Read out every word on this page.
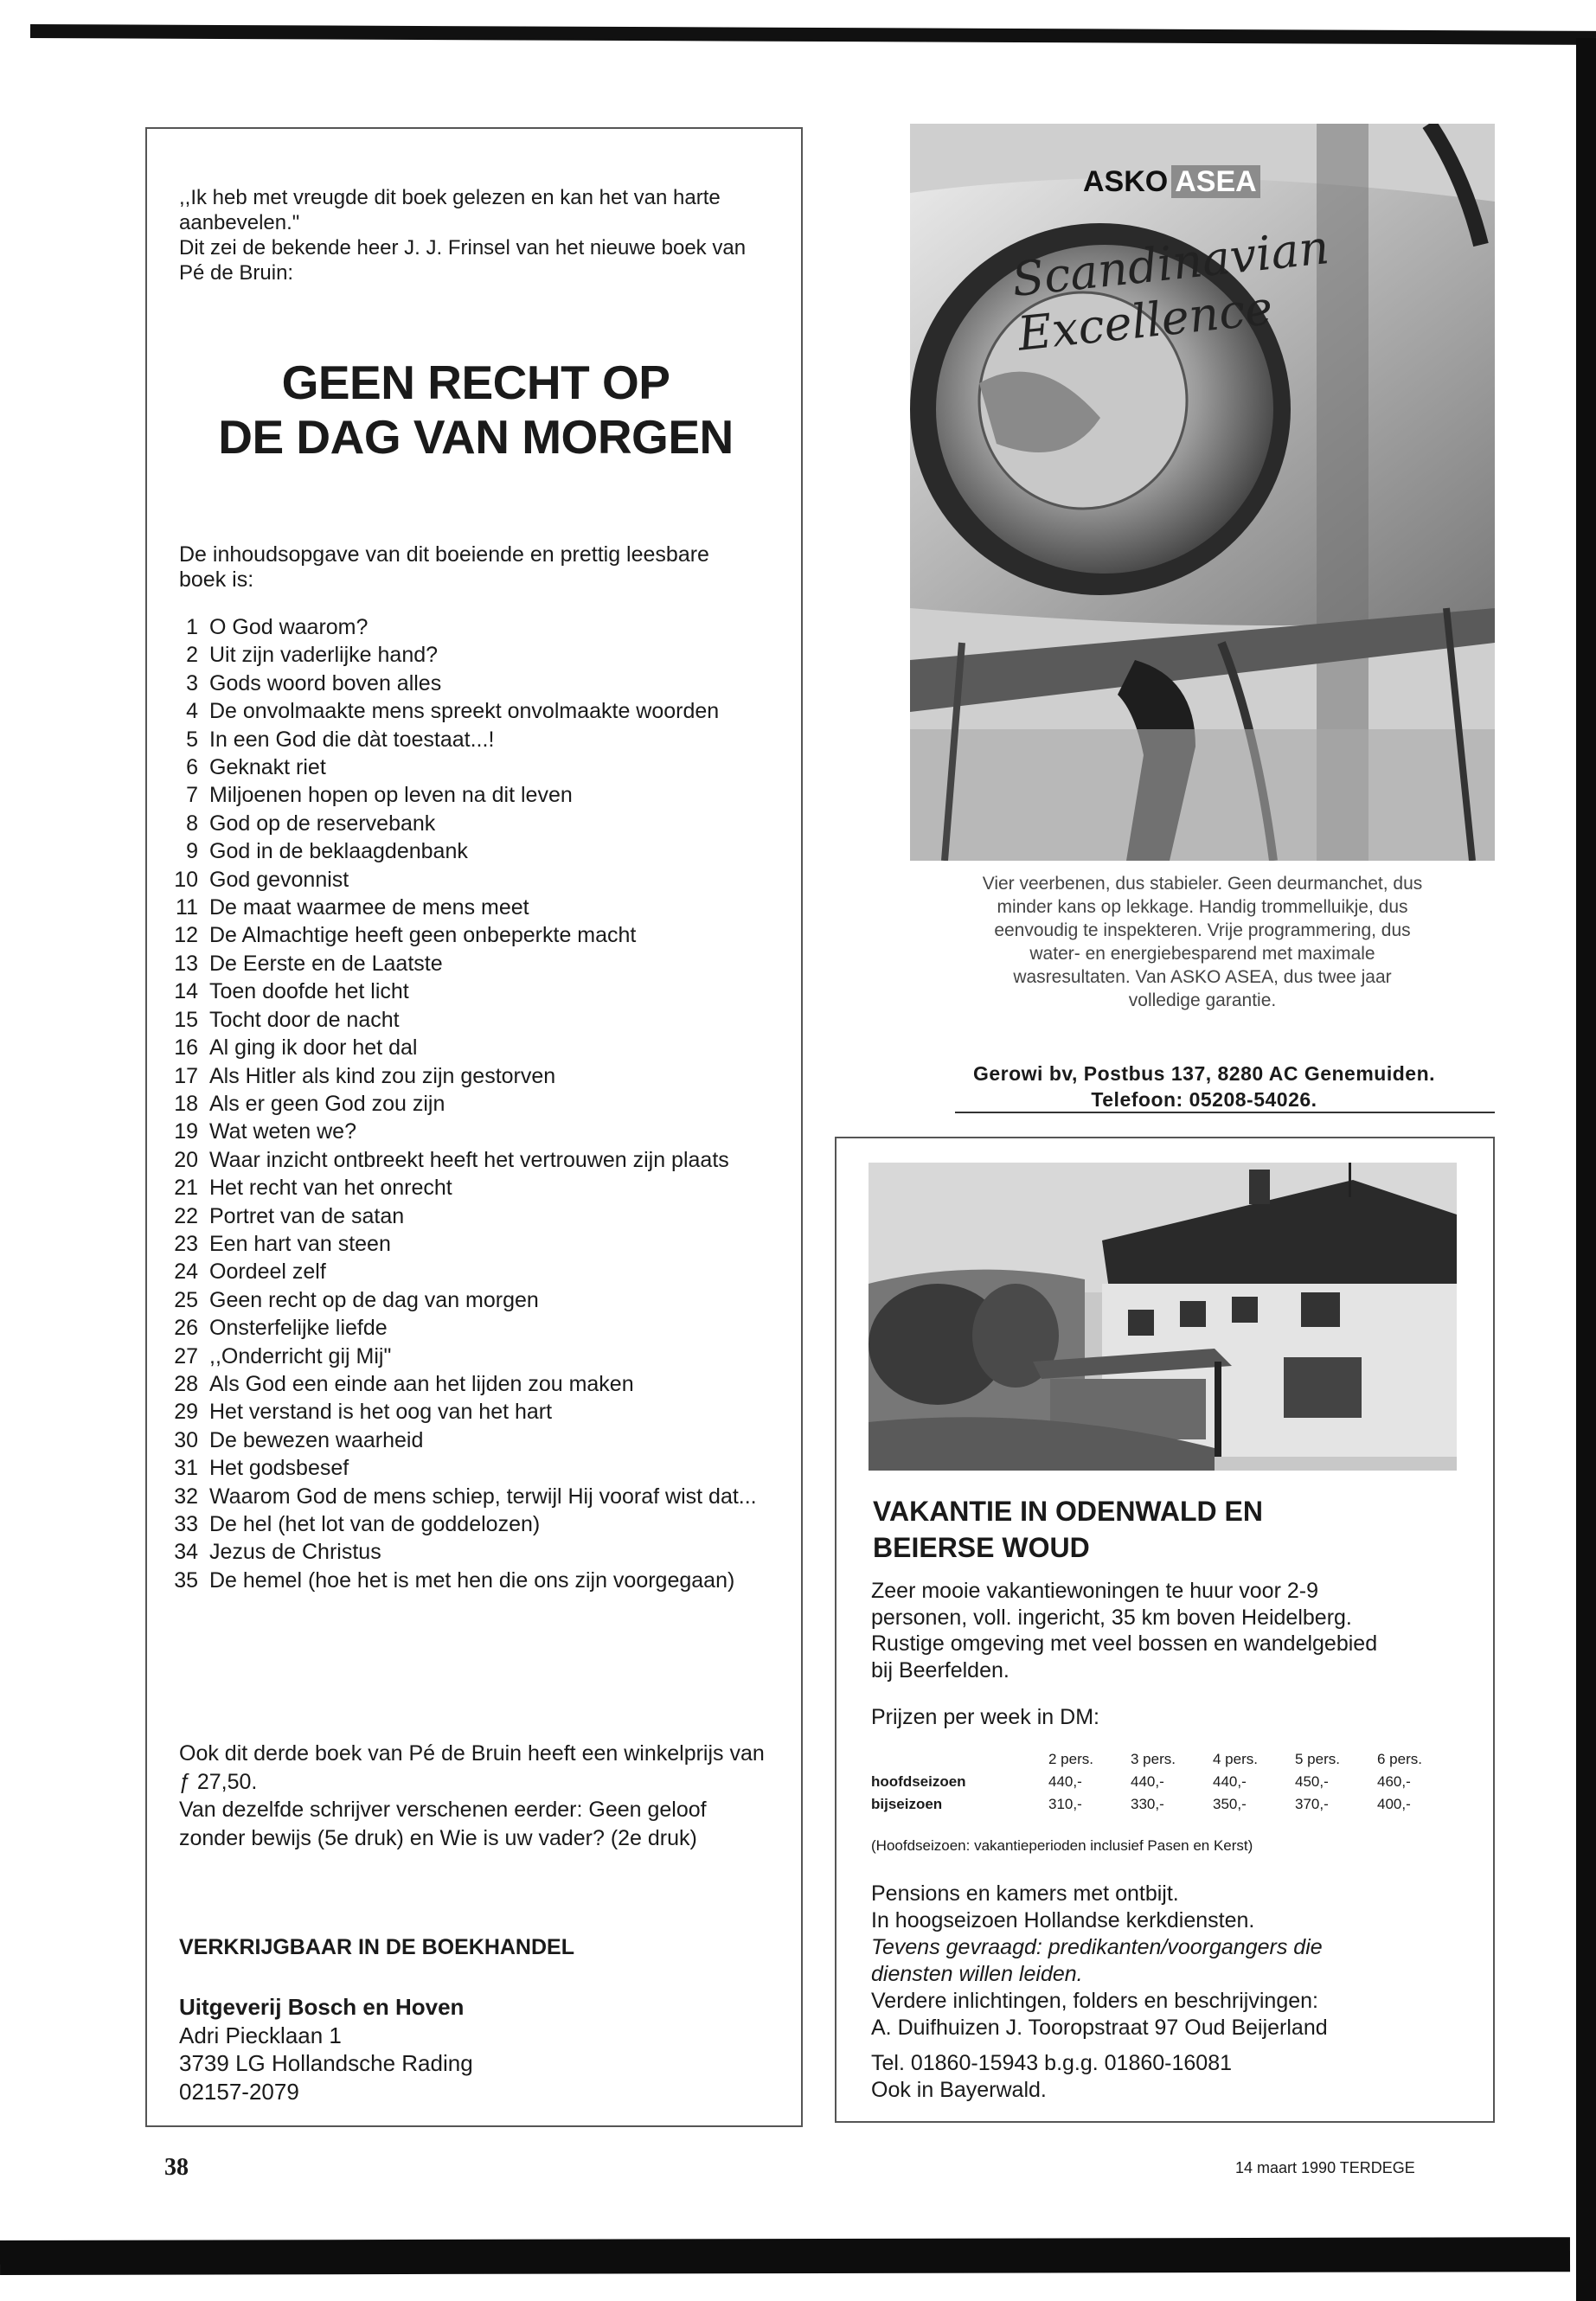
,,Ik heb met vreugde dit boek gelezen en kan het van harte aanbevelen."

Dit zei de bekende heer J. J. Frinsel van het nieuwe boek van Pé de Bruin:

GEEN RECHT OP
DE DAG VAN MORGEN
De inhoudsopgave van dit boeiende en prettig leesbare boek is:
1 O God waarom?
2 Uit zijn vaderlijke hand?
3 Gods woord boven alles
4 De onvolmaakte mens spreekt onvolmaakte woorden
5 In een God die dàt toestaat...!
6 Geknakt riet
7 Miljoenen hopen op leven na dit leven
8 God op de reservebank
9 God in de beklaagdenbank
10 God gevonnist
11 De maat waarmee de mens meet
12 De Almachtige heeft geen onbeperkte macht
13 De Eerste en de Laatste
14 Toen doofde het licht
15 Tocht door de nacht
16 Al ging ik door het dal
17 Als Hitler als kind zou zijn gestorven
18 Als er geen God zou zijn
19 Wat weten we?
20 Waar inzicht ontbreekt heeft het vertrouwen zijn plaats
21 Het recht van het onrecht
22 Portret van de satan
23 Een hart van steen
24 Oordeel zelf
25 Geen recht op de dag van morgen
26 Onsterfelijke liefde
27 ,,Onderricht gij Mij"
28 Als God een einde aan het lijden zou maken
29 Het verstand is het oog van het hart
30 De bewezen waarheid
31 Het godsbesef
32 Waarom God de mens schiep, terwijl Hij vooraf wist dat...
33 De hel (het lot van de goddelozen)
34 Jezus de Christus
35 De hemel (hoe het is met hen die ons zijn voorgegaan)

Ook dit derde boek van Pé de Bruin heeft een winkelprijs van ƒ 27,50.

Van dezelfde schrijver verschenen eerder: Geen geloof zonder bewijs (5e druk) en Wie is uw vader? (2e druk)

VERKRIJGBAAR IN DE BOEKHANDEL
Uitgeverij Bosch en Hoven
Adri Piecklaan 1
3739 LG Hollandsche Rading
02157-2079
ASKO ASEA
Scandinavian Excellence

Vier veerbenen, dus stabieler. Geen deurmanchet, dus

minder kans op lekkage. Handig trommelluikje, dus

eenvoudig te inspekteren. Vrije programmering, dus

water- en energiebesparend met maximale

wasresultaten. Van ASKO ASEA, dus twee jaar

volledige garantie.

Gerowi bv, Postbus 137, 8280 AC Genemuiden.

Telefoon: 05208-54026.

VAKANTIE IN ODENWALD EN

BEIERSE WOUD

Zeer mooie vakantiewoningen te huur voor 2-9

personen, voll. ingericht, 35 km boven Heidelberg.

Rustige omgeving met veel bossen en wandelgebied

bij Beerfelden.

Prijzen per week in DM:
	2 pers.	3 pers.	4 pers.	5 pers.	6 pers.
hoofdseizoen	440,-	440,-	440,-	450,-	460,-
bijseizoen	310,-	330,-	350,-	370,-	400,-
(Hoofdseizoen: vakantieperioden inclusief Pasen en Kerst)

Pensions en kamers met ontbijt.

In hoogseizoen Hollandse kerkdiensten.

Tevens gevraagd: predikanten/voorgangers die

diensten willen leiden.

Verdere inlichtingen, folders en beschrijvingen:

A. Duifhuizen J. Tooropstraat 97 Oud Beijerland

Tel. 01860-15943 b.g.g. 01860-16081

Ook in Bayerwald.

38	14 maart 1990 TERDEGE
